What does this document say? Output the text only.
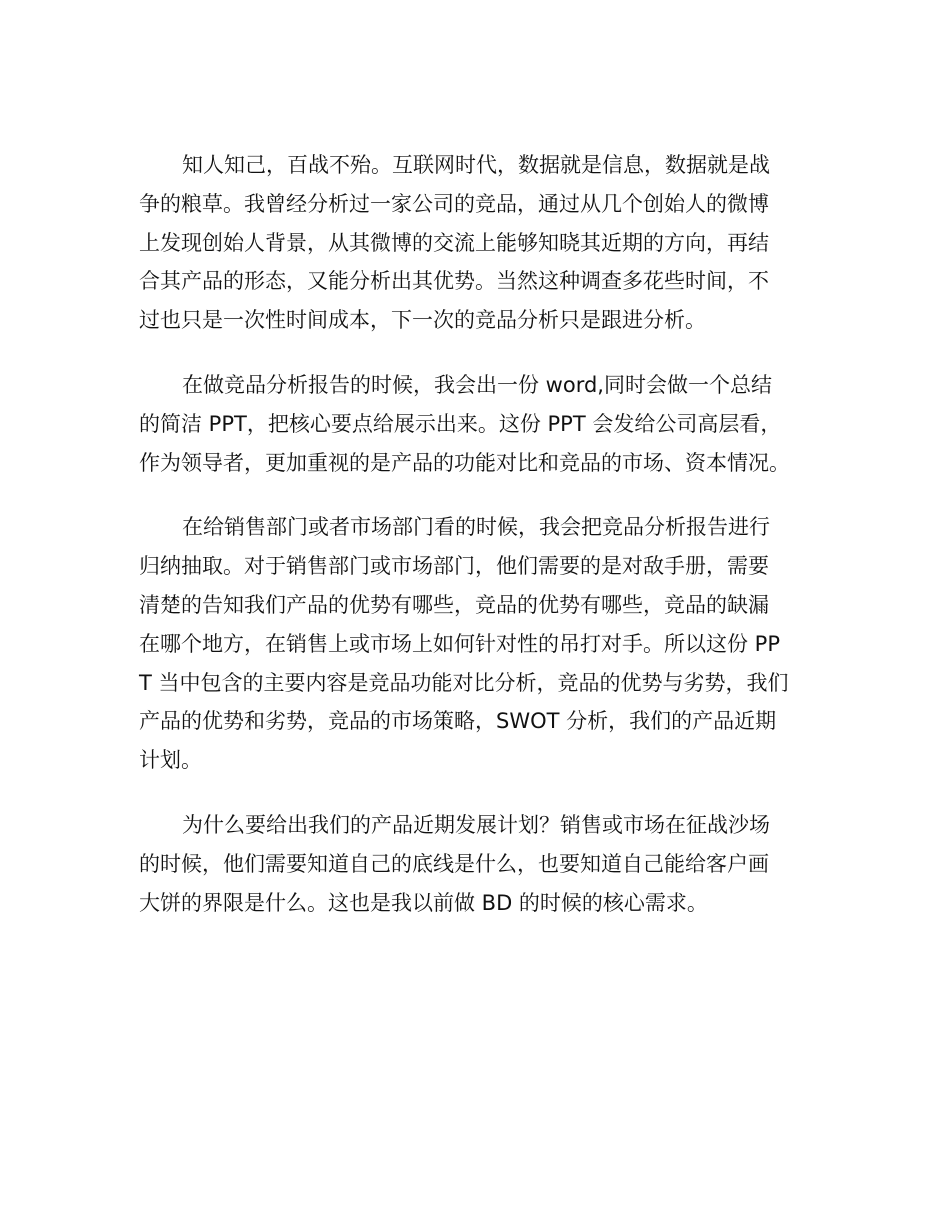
知人知己，百战不殆。互联网时代，数据就是信息，数据就是战
争的粮草。我曾经分析过一家公司的竞品，通过从几个创始人的微博
上发现创始人背景，从其微博的交流上能够知晓其近期的方向，再结
合其产品的形态，又能分析出其优势。当然这种调查多花些时间，不
过也只是一次性时间成本，下一次的竞品分析只是跟进分析。

在做竞品分析报告的时候，我会出一份 word,同时会做一个总结
的简洁 PPT，把核心要点给展示出来。这份 PPT 会发给公司高层看，
作为领导者，更加重视的是产品的功能对比和竞品的市场、资本情况。

在给销售部门或者市场部门看的时候，我会把竞品分析报告进行
归纳抽取。对于销售部门或市场部门，他们需要的是对敌手册，需要
清楚的告知我们产品的优势有哪些，竞品的优势有哪些，竞品的缺漏
在哪个地方，在销售上或市场上如何针对性的吊打对手。所以这份 PP
T 当中包含的主要内容是竞品功能对比分析，竞品的优势与劣势，我们
产品的优势和劣势，竞品的市场策略，SWOT 分析，我们的产品近期
计划。

为什么要给出我们的产品近期发展计划？销售或市场在征战沙场
的时候，他们需要知道自己的底线是什么，也要知道自己能给客户画
大饼的界限是什么。这也是我以前做 BD 的时候的核心需求。
